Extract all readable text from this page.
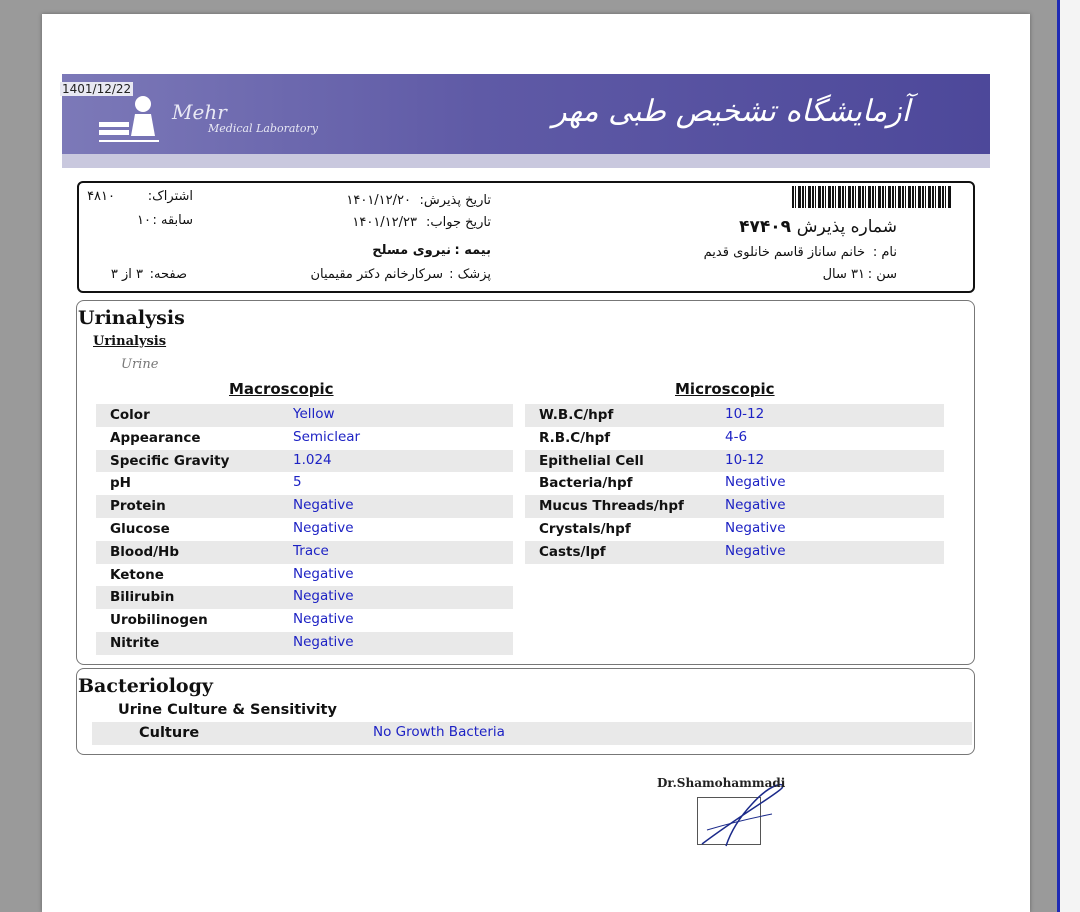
1401/12/22
Mehr
Medical Laboratory	آزمایشگاه تشخیص طبی مهر
اشتراک:
۴۸۱۰
سابقه :
۱۰
صفحه:
۳ از ۳
تاریخ پذیرش:
۱۴۰۱/۱۲/۲۰
تاریخ جواب:
۱۴۰۱/۱۲/۲۳
بیمه :
نیروی مسلح
پزشک :
سرکارخانم دکتر مقیمیان
شماره پذیرش :
۴۷۴۰۹
نام :
خانم ساناز قاسم خانلوی قدیم
سن :
۳۱ سال
Urinalysis
Urinalysis
Urine
Macroscopic	Microscopic
Color	Yellow
Appearance	Semiclear
Specific Gravity	1.024
pH	5
Protein	Negative
Glucose	Negative
Blood/Hb	Trace
Ketone	Negative
Bilirubin	Negative
Urobilinogen	Negative
Nitrite	Negative
W.B.C/hpf	10-12
R.B.C/hpf	4-6
Epithelial Cell	10-12
Bacteria/hpf	Negative
Mucus Threads/hpf	Negative
Crystals/hpf	Negative
Casts/lpf	Negative
Bacteriology
Urine Culture & Sensitivity
Culture	No Growth Bacteria
Dr.Shamohammadi
